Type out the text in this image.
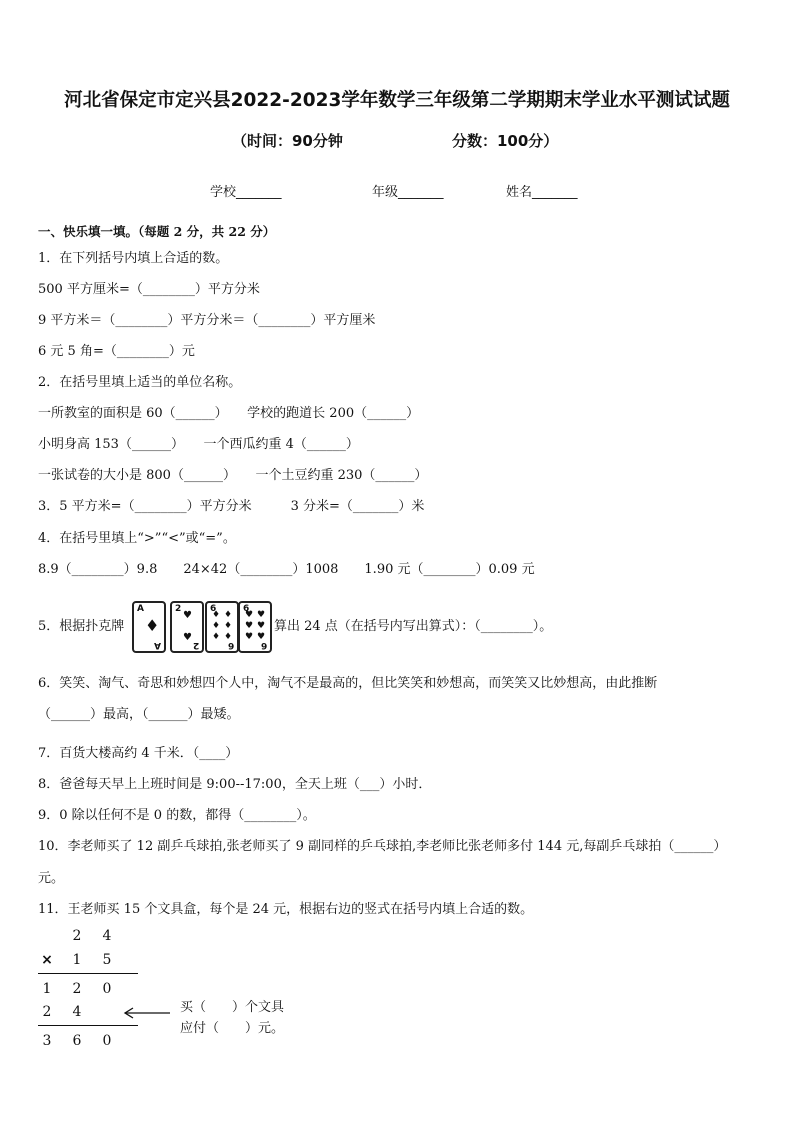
河北省保定市定兴县2022-2023学年数学三年级第二学期期末学业水平测试试题
（时间：90分钟	分数：100分）
学校_______	年级_______	姓名_______
一、快乐填一填。（每题 2 分，共 22 分）
1．在下列括号内填上合适的数。
500 平方厘米=（________）平方分米
9 平方米＝（________）平方分米＝（________）平方厘米
6 元 5 角=（________）元
2．在括号里填上适当的单位名称。
一所教室的面积是 60（______）　　学校的跑道长 200（______）
小明身高 153（______）　　一个西瓜约重 4（______）
一张试卷的大小是 800（______）　　一个土豆约重 230（______）
3．5 平方米=（________）平方分米　　　3 分米=（_______）米
4．在括号里填上“>”“<”或“=”。
8.9（________）9.8　　24×42（________）1008　　1.90 元（________）0.09 元
5．根据扑克牌
A
A
♦
2
2
♥
♥
6
6
♦ ♦
♦ ♦
♦ ♦
6
6
♥ ♥
♥ ♥
♥ ♥
算出 24 点（在括号内写出算式）：（________）。
6．笑笑、淘气、奇思和妙想四个人中，淘气不是最高的，但比笑笑和妙想高，而笑笑又比妙想高，由此推断
（______）最高，（______）最矮。
7．百货大楼高约 4 千米．（____）
8．爸爸每天早上上班时间是 9:00--17:00，全天上班（___）小时．
9．0 除以任何不是 0 的数，都得（________）。
10．李老师买了 12 副乒乓球拍,张老师买了 9 副同样的乒乓球拍,李老师比张老师多付 144 元,每副乒乓球拍（______）
元。
11．王老师买 15 个文具盒，每个是 24 元，根据右边的竖式在括号内填上合适的数。
2	4
×	1	5
1	2	0
2	4
3	6	0
买（　　）个文具
应付（　　）元。
